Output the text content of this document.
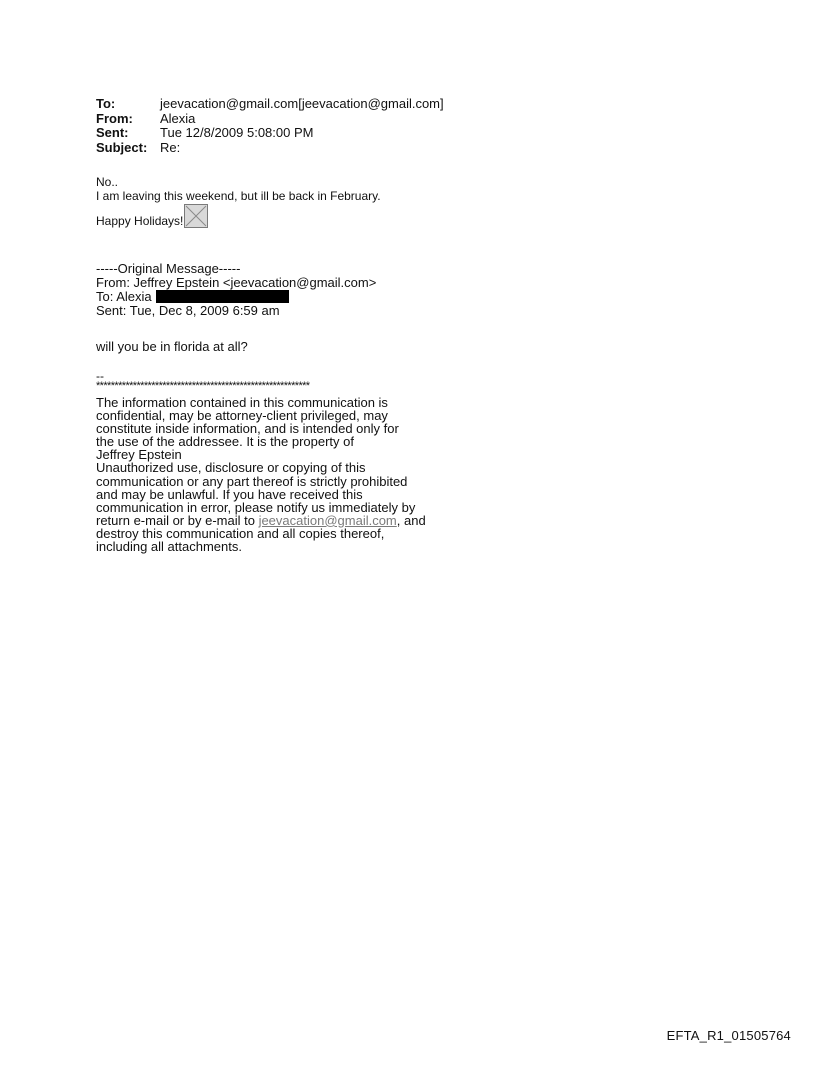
To:	jeevacation@gmail.com[jeevacation@gmail.com]
From:	Alexia
Sent:	Tue 12/8/2009 5:08:00 PM
Subject: Re:
No..
I am leaving this weekend, but ill be back in February.
Happy Holidays!
-----Original Message-----
From: Jeffrey Epstein <jeevacation@gmail.com>
To: Alexia
Sent: Tue, Dec 8, 2009 6:59 am
will you be in florida at all?
--
**********************************************************
The information contained in this communication is
confidential, may be attorney-client privileged, may
constitute inside information, and is intended only for
the use of the addressee. It is the property of
Jeffrey Epstein
Unauthorized use, disclosure or copying of this
communication or any part thereof is strictly prohibited
and may be unlawful. If you have received this
communication in error, please notify us immediately by
return e-mail or by e-mail to jeevacation@gmail.com, and
destroy this communication and all copies thereof,
including all attachments.
EFTA_R1_01505764
